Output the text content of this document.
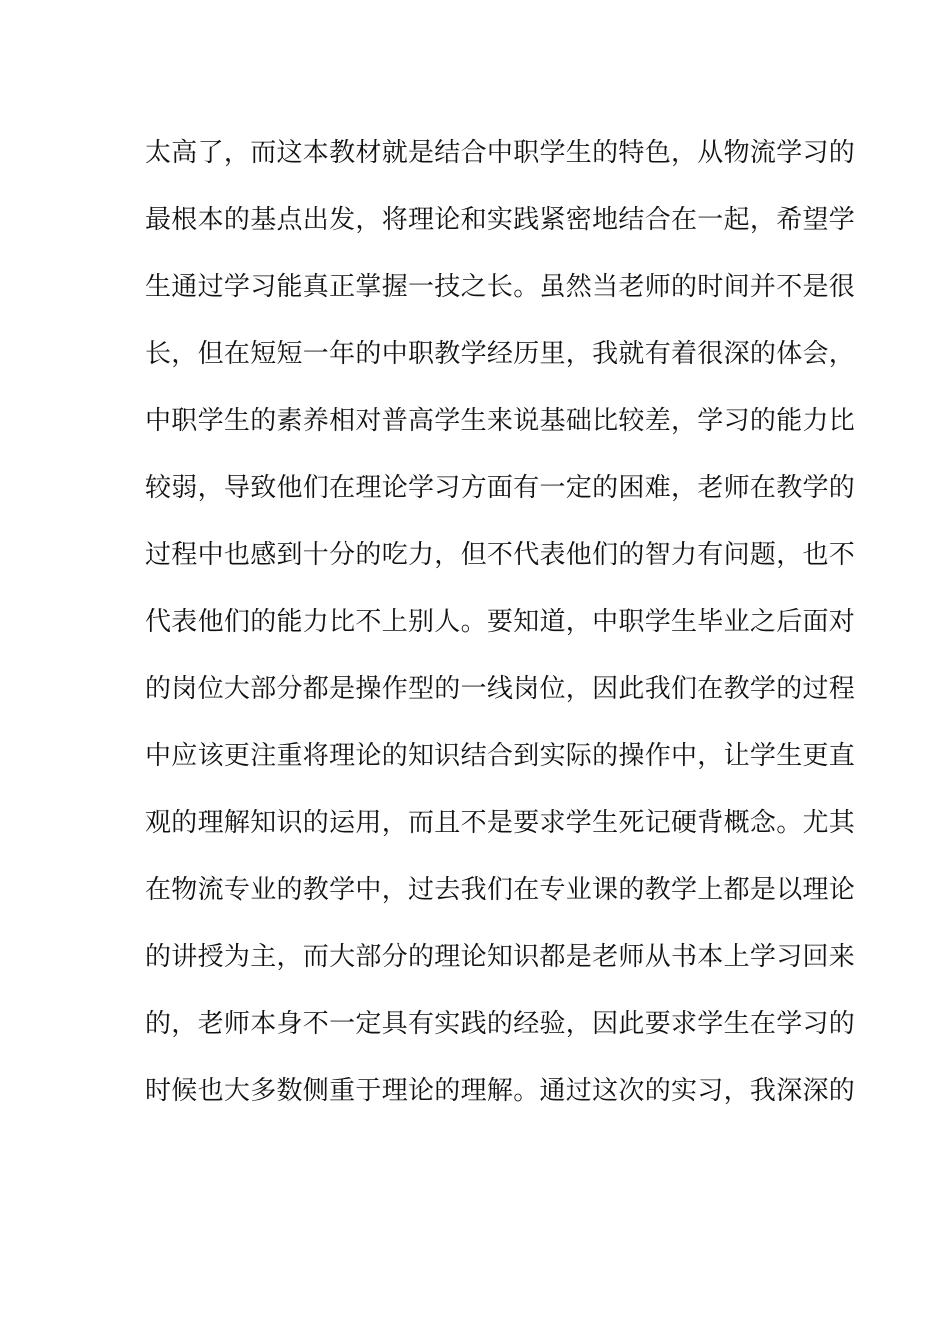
太高了，而这本教材就是结合中职学生的特色，从物流学习的
最根本的基点出发，将理论和实践紧密地结合在一起，希望学
生通过学习能真正掌握一技之长。虽然当老师的时间并不是很
长，但在短短一年的中职教学经历里，我就有着很深的体会，
中职学生的素养相对普高学生来说基础比较差，学习的能力比
较弱，导致他们在理论学习方面有一定的困难，老师在教学的
过程中也感到十分的吃力，但不代表他们的智力有问题，也不
代表他们的能力比不上别人。要知道，中职学生毕业之后面对
的岗位大部分都是操作型的一线岗位，因此我们在教学的过程
中应该更注重将理论的知识结合到实际的操作中，让学生更直
观的理解知识的运用，而且不是要求学生死记硬背概念。尤其
在物流专业的教学中，过去我们在专业课的教学上都是以理论
的讲授为主，而大部分的理论知识都是老师从书本上学习回来
的，老师本身不一定具有实践的经验，因此要求学生在学习的
时候也大多数侧重于理论的理解。通过这次的实习，我深深的
